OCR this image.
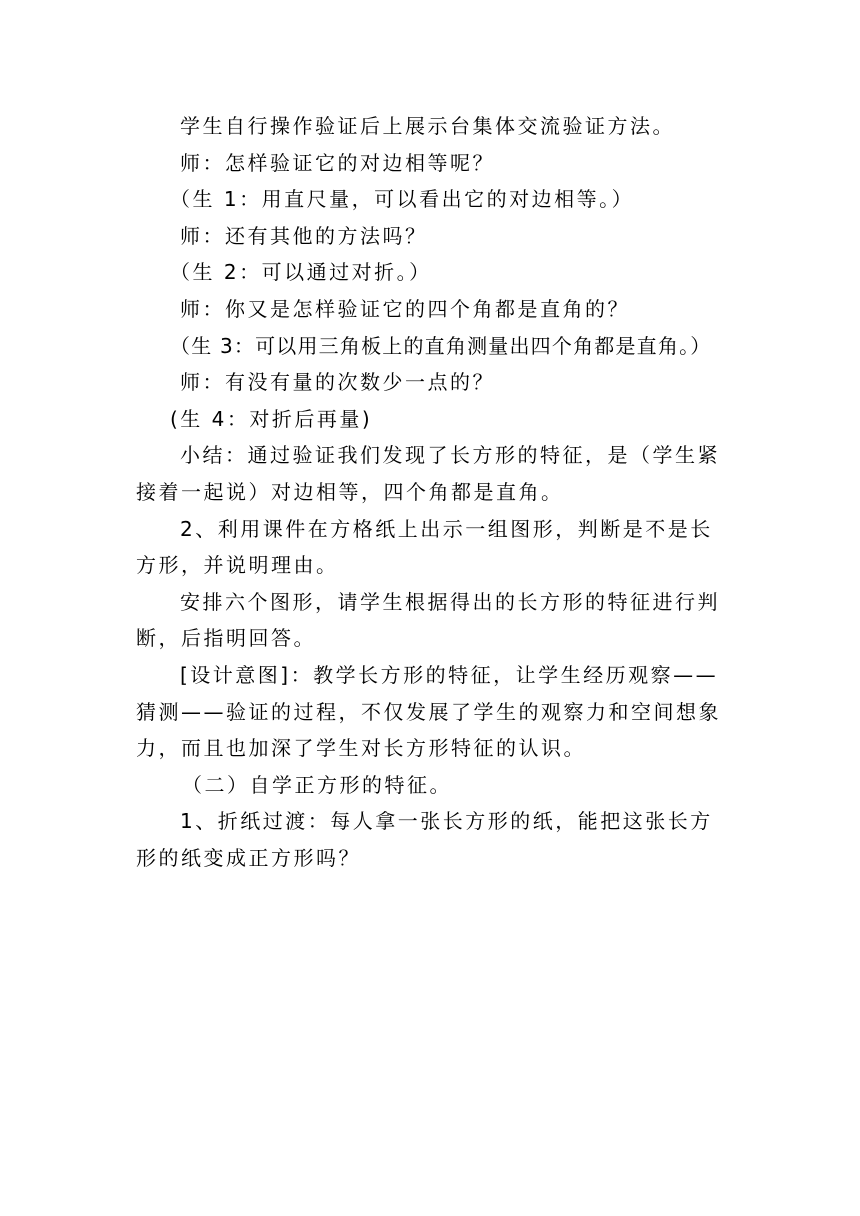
学生自行操作验证后上展示台集体交流验证方法。
师：怎样验证它的对边相等呢？
（生 1：用直尺量，可以看出它的对边相等。）
师：还有其他的方法吗？
（生 2：可以通过对折。）
师：你又是怎样验证它的四个角都是直角的？
（生 3：可以用三角板上的直角测量出四个角都是直角。）
师：有没有量的次数少一点的？
(生 4：对折后再量)
小结：通过验证我们发现了长方形的特征，是（学生紧
接着一起说）对边相等，四个角都是直角。
2、利用课件在方格纸上出示一组图形，判断是不是长
方形，并说明理由。
安排六个图形，请学生根据得出的长方形的特征进行判
断，后指明回答。
[设计意图]：教学长方形的特征，让学生经历观察——
猜测——验证的过程，不仅发展了学生的观察力和空间想象
力，而且也加深了学生对长方形特征的认识。
（二）自学正方形的特征。
1、折纸过渡：每人拿一张长方形的纸，能把这张长方
形的纸变成正方形吗？
